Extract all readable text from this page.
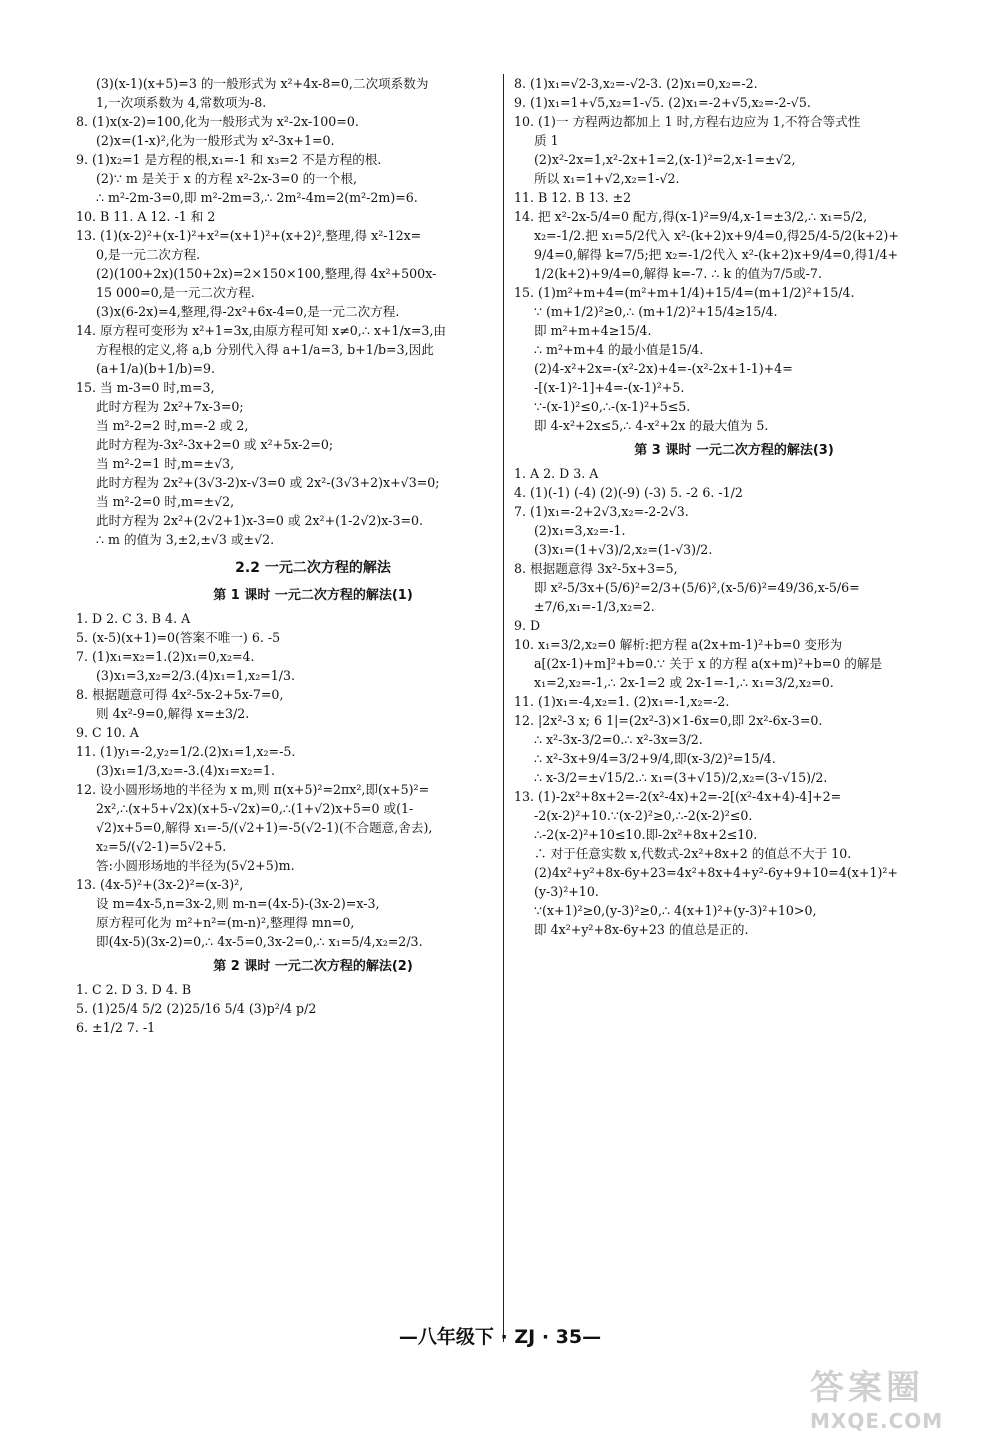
(3)(x-1)(x+5)=3 的一般形式为 x²+4x-8=0,二次项系数为
1,一次项系数为 4,常数项为-8.
8. (1)x(x-2)=100,化为一般形式为 x²-2x-100=0.
(2)x=(1-x)²,化为一般形式为 x²-3x+1=0.
9. (1)x₂=1 是方程的根,x₁=-1 和 x₃=2 不是方程的根.
(2)∵ m 是关于 x 的方程 x²-2x-3=0 的一个根,
∴ m²-2m-3=0,即 m²-2m=3,∴ 2m²-4m=2(m²-2m)=6.
10. B 11. A 12. -1 和 2
13. (1)(x-2)²+(x-1)²+x²=(x+1)²+(x+2)²,整理,得 x²-12x=
0,是一元二次方程.
(2)(100+2x)(150+2x)=2×150×100,整理,得 4x²+500x-
15 000=0,是一元二次方程.
(3)x(6-2x)=4,整理,得-2x²+6x-4=0,是一元二次方程.
14. 原方程可变形为 x²+1=3x,由原方程可知 x≠0,∴ x+1/x=3,由
方程根的定义,将 a,b 分别代入得 a+1/a=3, b+1/b=3,因此
(a+1/a)(b+1/b)=9.
15. 当 m-3=0 时,m=3,
此时方程为 2x²+7x-3=0;
当 m²-2=2 时,m=-2 或 2,
此时方程为-3x²-3x+2=0 或 x²+5x-2=0;
当 m²-2=1 时,m=±√3,
此时方程为 2x²+(3√3-2)x-√3=0 或 2x²-(3√3+2)x+√3=0;
当 m²-2=0 时,m=±√2,
此时方程为 2x²+(2√2+1)x-3=0 或 2x²+(1-2√2)x-3=0.
∴ m 的值为 3,±2,±√3 或±√2.
2.2 一元二次方程的解法
第 1 课时 一元二次方程的解法(1)
1. D 2. C 3. B 4. A
5. (x-5)(x+1)=0(答案不唯一) 6. -5
7. (1)x₁=x₂=1.(2)x₁=0,x₂=4.
(3)x₁=3,x₂=2/3.(4)x₁=1,x₂=1/3.
8. 根据题意可得 4x²-5x-2+5x-7=0,
则 4x²-9=0,解得 x=±3/2.
9. C 10. A
11. (1)y₁=-2,y₂=1/2.(2)x₁=1,x₂=-5.
(3)x₁=1/3,x₂=-3.(4)x₁=x₂=1.
12. 设小圆形场地的半径为 x m,则 π(x+5)²=2πx²,即(x+5)²=
2x²,∴(x+5+√2x)(x+5-√2x)=0,∴(1+√2)x+5=0 或(1-
√2)x+5=0,解得 x₁=-5/(√2+1)=-5(√2-1)(不合题意,舍去),
x₂=5/(√2-1)=5√2+5.
答:小圆形场地的半径为(5√2+5)m.
13. (4x-5)²+(3x-2)²=(x-3)²,
设 m=4x-5,n=3x-2,则 m-n=(4x-5)-(3x-2)=x-3,
原方程可化为 m²+n²=(m-n)²,整理得 mn=0,
即(4x-5)(3x-2)=0,∴ 4x-5=0,3x-2=0,∴ x₁=5/4,x₂=2/3.
第 2 课时 一元二次方程的解法(2)
1. C 2. D 3. D 4. B
5. (1)25/4 5/2 (2)25/16 5/4 (3)p²/4 p/2
6. ±1/2 7. -1
8. (1)x₁=√2-3,x₂=-√2-3. (2)x₁=0,x₂=-2.
9. (1)x₁=1+√5,x₂=1-√5. (2)x₁=-2+√5,x₂=-2-√5.
10. (1)一 方程两边都加上 1 时,方程右边应为 1,不符合等式性
质 1
(2)x²-2x=1,x²-2x+1=2,(x-1)²=2,x-1=±√2,
所以 x₁=1+√2,x₂=1-√2.
11. B 12. B 13. ±2
14. 把 x²-2x-5/4=0 配方,得(x-1)²=9/4,x-1=±3/2,∴ x₁=5/2,
x₂=-1/2.把 x₁=5/2代入 x²-(k+2)x+9/4=0,得25/4-5/2(k+2)+
9/4=0,解得 k=7/5;把 x₂=-1/2代入 x²-(k+2)x+9/4=0,得1/4+
1/2(k+2)+9/4=0,解得 k=-7. ∴ k 的值为7/5或-7.
15. (1)m²+m+4=(m²+m+1/4)+15/4=(m+1/2)²+15/4.
∵ (m+1/2)²≥0,∴ (m+1/2)²+15/4≥15/4.
即 m²+m+4≥15/4.
∴ m²+m+4 的最小值是15/4.
(2)4-x²+2x=-(x²-2x)+4=-(x²-2x+1-1)+4=
-[(x-1)²-1]+4=-(x-1)²+5.
∵-(x-1)²≤0,∴-(x-1)²+5≤5.
即 4-x²+2x≤5,∴ 4-x²+2x 的最大值为 5.
第 3 课时 一元二次方程的解法(3)
1. A 2. D 3. A
4. (1)(-1) (-4) (2)(-9) (-3) 5. -2 6. -1/2
7. (1)x₁=-2+2√3,x₂=-2-2√3.
(2)x₁=3,x₂=-1.
(3)x₁=(1+√3)/2,x₂=(1-√3)/2.
8. 根据题意得 3x²-5x+3=5,
即 x²-5/3x+(5/6)²=2/3+(5/6)²,(x-5/6)²=49/36,x-5/6=
±7/6,x₁=-1/3,x₂=2.
9. D
10. x₁=3/2,x₂=0 解析:把方程 a(2x+m-1)²+b=0 变形为
a[(2x-1)+m]²+b=0.∵ 关于 x 的方程 a(x+m)²+b=0 的解是
x₁=2,x₂=-1,∴ 2x-1=2 或 2x-1=-1,∴ x₁=3/2,x₂=0.
11. (1)x₁=-4,x₂=1. (2)x₁=-1,x₂=-2.
12. |2x²-3 x; 6 1|=(2x²-3)×1-6x=0,即 2x²-6x-3=0.
∴ x²-3x-3/2=0.∴ x²-3x=3/2.
∴ x²-3x+9/4=3/2+9/4,即(x-3/2)²=15/4.
∴ x-3/2=±√15/2.∴ x₁=(3+√15)/2,x₂=(3-√15)/2.
13. (1)-2x²+8x+2=-2(x²-4x)+2=-2[(x²-4x+4)-4]+2=
-2(x-2)²+10.∵(x-2)²≥0,∴-2(x-2)²≤0.
∴-2(x-2)²+10≤10.即-2x²+8x+2≤10.
∴ 对于任意实数 x,代数式-2x²+8x+2 的值总不大于 10.
(2)4x²+y²+8x-6y+23=4x²+8x+4+y²-6y+9+10=4(x+1)²+
(y-3)²+10.
∵(x+1)²≥0,(y-3)²≥0,∴ 4(x+1)²+(y-3)²+10>0,
即 4x²+y²+8x-6y+23 的值总是正的.
—八年级下 · ZJ · 35—
答案圈
MXQE.COM
